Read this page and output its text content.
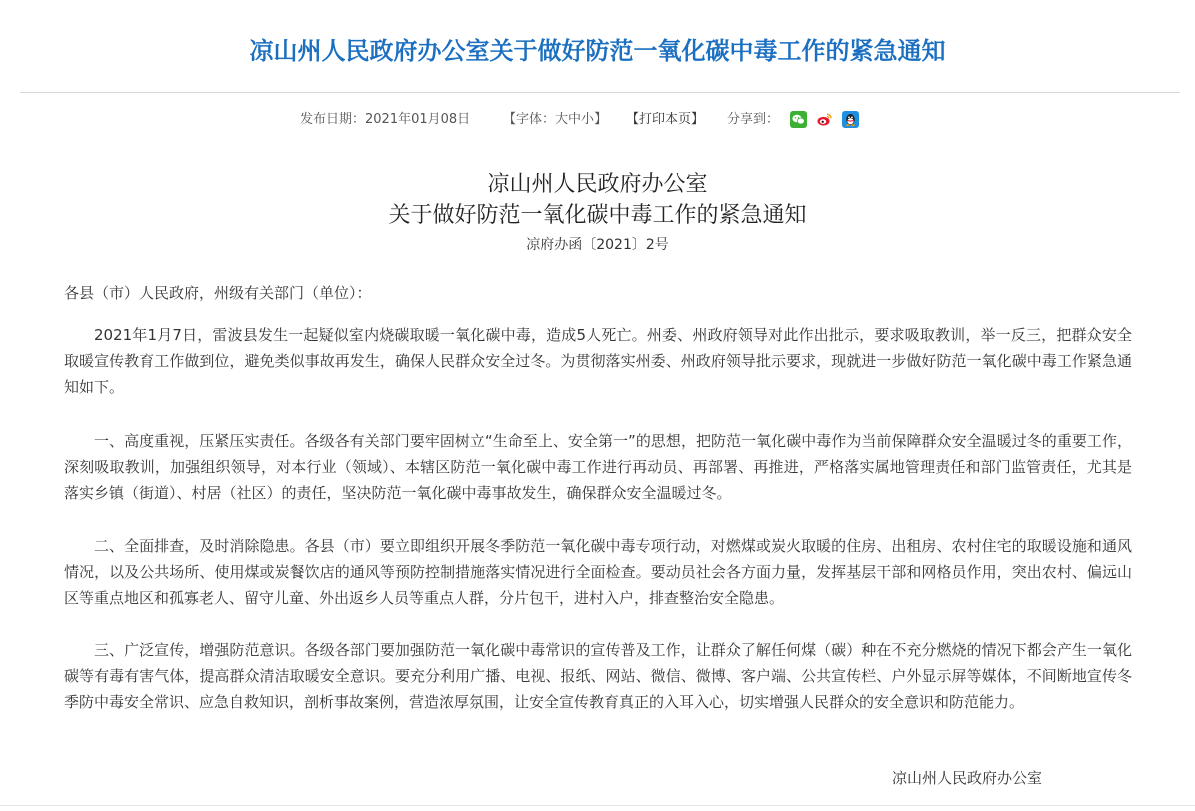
凉山州人民政府办公室关于做好防范一氧化碳中毒工作的紧急通知
发布日期：2021年01月08日	【字体：大中小】 【打印本页】 分享到：
凉山州人民政府办公室
关于做好防范一氧化碳中毒工作的紧急通知
凉府办函〔2021〕2号
各县（市）人民政府，州级有关部门（单位）：
2021年1月7日，雷波县发生一起疑似室内烧碳取暖一氧化碳中毒，造成5人死亡。州委、州政府领导对此作出批示，要求吸取教训，举一反三，把群众安全取暖宣传教育工作做到位，避免类似事故再发生，确保人民群众安全过冬。为贯彻落实州委、州政府领导批示要求，现就进一步做好防范一氧化碳中毒工作紧急通知如下。
一、高度重视，压紧压实责任。各级各有关部门要牢固树立“生命至上、安全第一”的思想，把防范一氧化碳中毒作为当前保障群众安全温暖过冬的重要工作，深刻吸取教训，加强组织领导，对本行业（领域）、本辖区防范一氧化碳中毒工作进行再动员、再部署、再推进，严格落实属地管理责任和部门监管责任，尤其是落实乡镇（街道）、村居（社区）的责任，坚决防范一氧化碳中毒事故发生，确保群众安全温暖过冬。
二、全面排查，及时消除隐患。各县（市）要立即组织开展冬季防范一氧化碳中毒专项行动，对燃煤或炭火取暖的住房、出租房、农村住宅的取暖设施和通风情况，以及公共场所、使用煤或炭餐饮店的通风等预防控制措施落实情况进行全面检查。要动员社会各方面力量，发挥基层干部和网格员作用，突出农村、偏远山区等重点地区和孤寡老人、留守儿童、外出返乡人员等重点人群，分片包干，进村入户，排查整治安全隐患。
三、广泛宣传，增强防范意识。各级各部门要加强防范一氧化碳中毒常识的宣传普及工作，让群众了解任何煤（碳）种在不充分燃烧的情况下都会产生一氧化碳等有毒有害气体，提高群众清洁取暖安全意识。要充分利用广播、电视、报纸、网站、微信、微博、客户端、公共宣传栏、户外显示屏等媒体，不间断地宣传冬季防中毒安全常识、应急自救知识，剖析事故案例，营造浓厚氛围，让安全宣传教育真正的入耳入心，切实增强人民群众的安全意识和防范能力。
凉山州人民政府办公室
